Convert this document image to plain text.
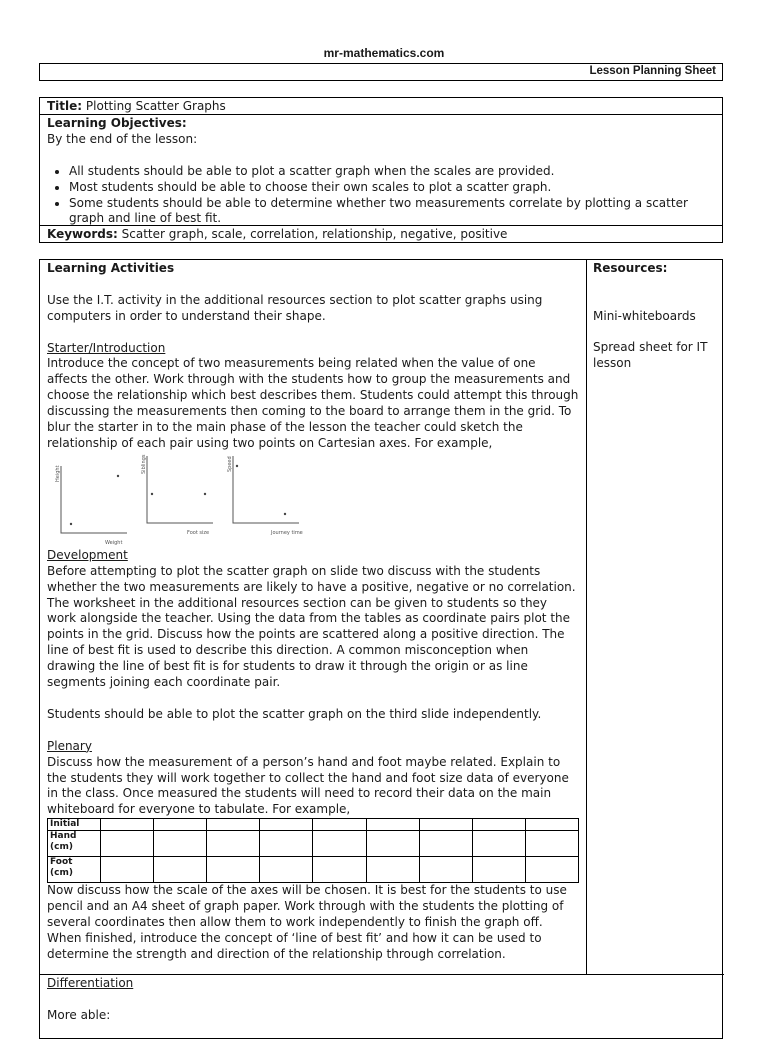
mr-mathematics.com
Lesson Planning Sheet
Title: Plotting Scatter Graphs
Learning Objectives:
By the end of the lesson:
• All students should be able to plot a scatter graph when the scales are provided.
• Most students should be able to choose their own scales to plot a scatter graph.
• Some students should be able to determine whether two measurements correlate by plotting a scatter graph and line of best fit.
Keywords: Scatter graph, scale, correlation, relationship, negative, positive
Learning Activities

Use the I.T. activity in the additional resources section to plot scatter graphs using computers in order to understand their shape.

Starter/Introduction

Introduce the concept of two measurements being related when the value of one affects the other. Work through with the students how to group the measurements and choose the relationship which best describes them. Students could attempt this through discussing the measurements then coming to the board to arrange them in the grid. To blur the starter in to the main phase of the lesson the teacher could sketch the relationship of each pair using two points on Cartesian axes. For example,

Height
Weight
Siblings
Foot size
Speed
Journey time
Development

Before attempting to plot the scatter graph on slide two discuss with the students whether the two measurements are likely to have a positive, negative or no correlation. The worksheet in the additional resources section can be given to students so they work alongside the teacher. Using the data from the tables as coordinate pairs plot the points in the grid. Discuss how the points are scattered along a positive direction. The line of best fit is used to describe this direction. A common misconception when drawing the line of best fit is for students to draw it through the origin or as line segments joining each coordinate pair.

Students should be able to plot the scatter graph on the third slide independently.

Plenary

Discuss how the measurement of a person’s hand and foot maybe related. Explain to the students they will work together to collect the hand and foot size data of everyone in the class. Once measured the students will need to record their data on the main whiteboard for everyone to tabulate. For example,

Initial									
Hand (cm)									
Foot (cm)									

Now discuss how the scale of the axes will be chosen. It is best for the students to use pencil and an A4 sheet of graph paper. Work through with the students the plotting of several coordinates then allow them to work independently to finish the graph off. When finished, introduce the concept of ‘line of best fit’ and how it can be used to determine the strength and direction of the relationship through correlation.

Resources:
Mini-whiteboards
Spread sheet for IT lesson
Differentiation
More able:
